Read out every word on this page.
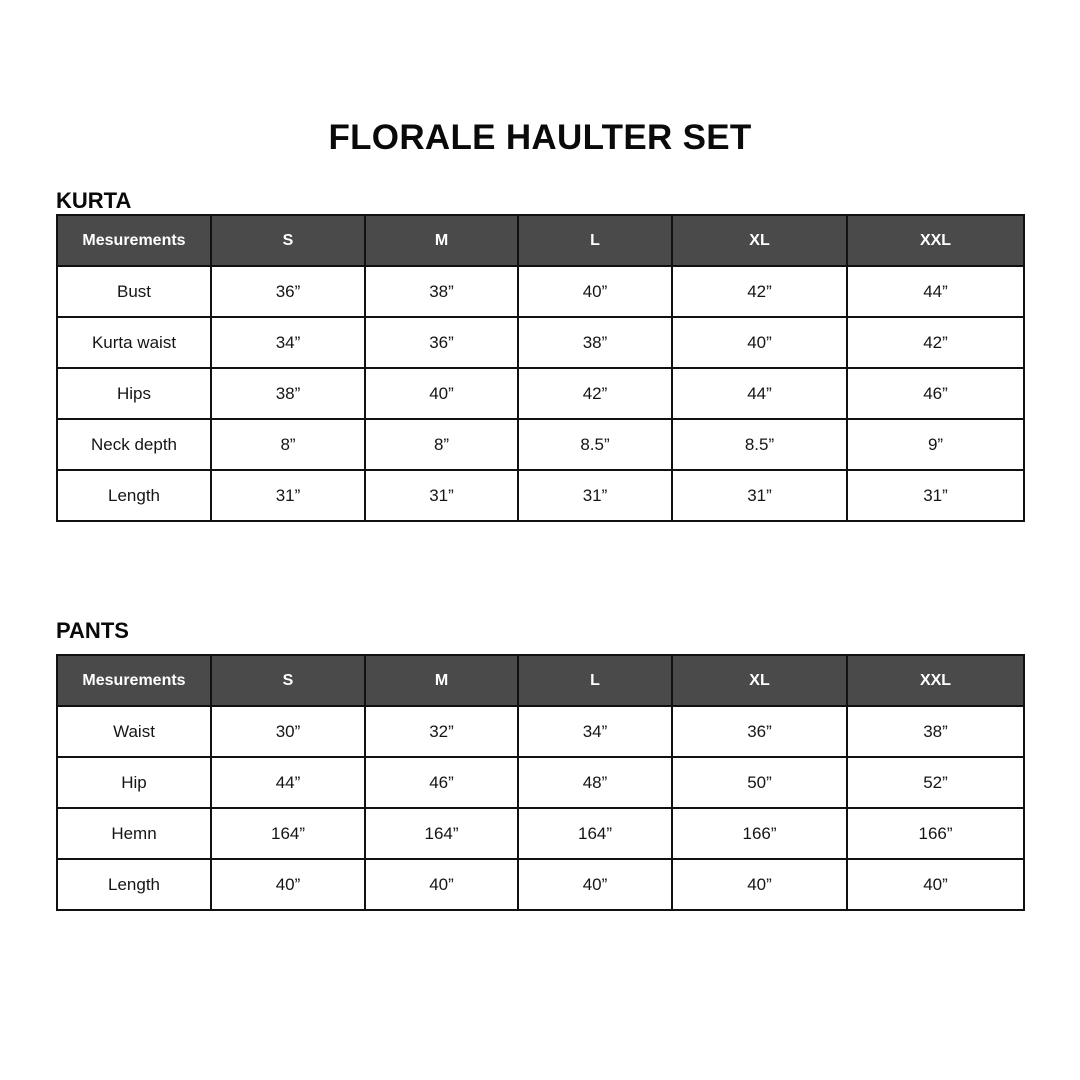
FLORALE HAULTER SET
KURTA
Mesurements	S	M	L	XL	XXL
Bust	36”	38”	40”	42”	44”
Kurta waist	34”	36”	38”	40”	42”
Hips	38”	40”	42”	44”	46”
Neck depth	8”	8”	8.5”	8.5”	9”
Length	31”	31”	31”	31”	31”
PANTS
Mesurements	S	M	L	XL	XXL
Waist	30”	32”	34”	36”	38”
Hip	44”	46”	48”	50”	52”
Hemn	164”	164”	164”	166”	166”
Length	40”	40”	40”	40”	40”
